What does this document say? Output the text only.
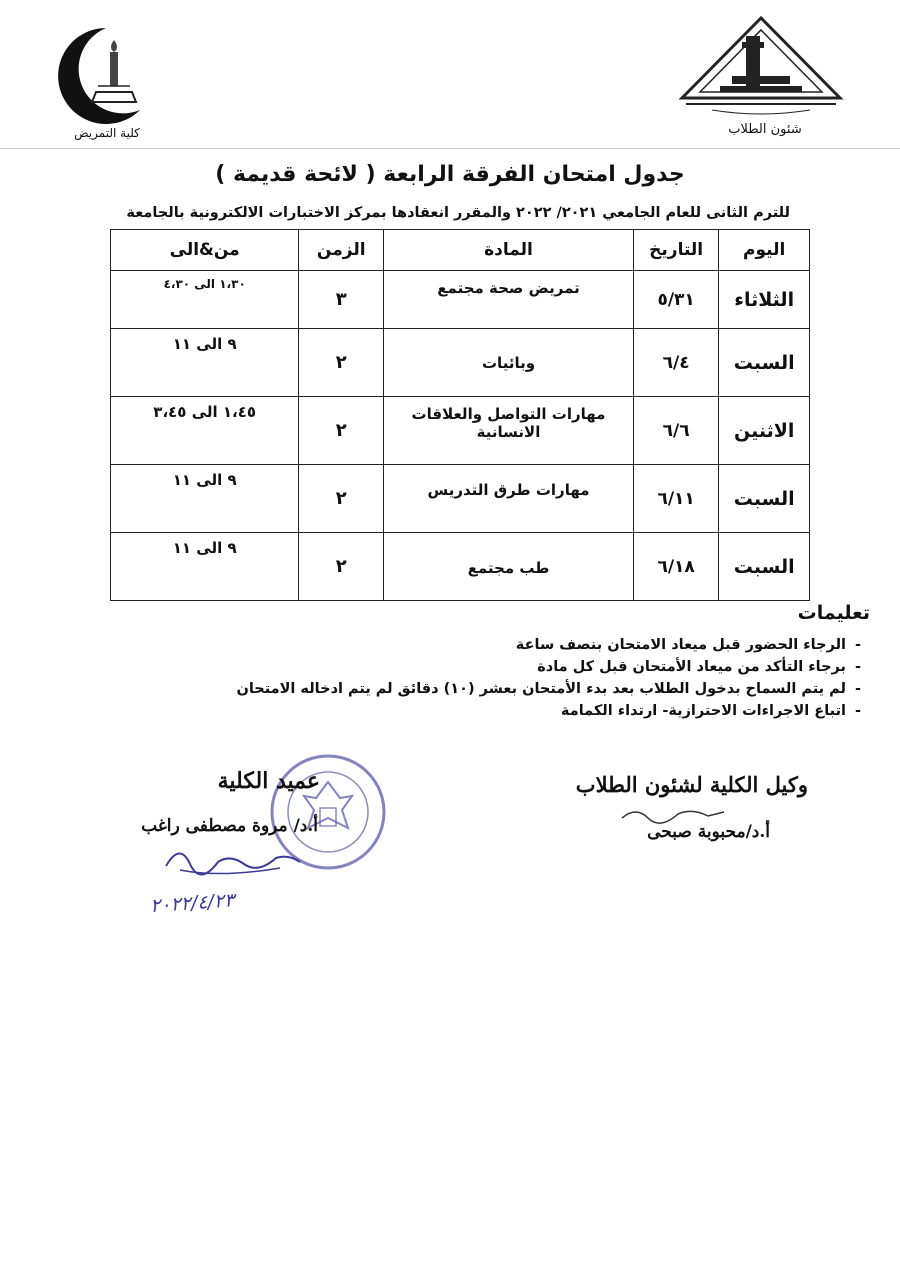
شئون الطلاب
كلية التمريض
جدول امتحان الفرقة الرابعة ( لائحة قديمة )
للترم الثانى للعام الجامعي ٢٠٢١/ ٢٠٢٢ والمقرر انعقادها بمركز الاختبارات الالكترونية بالجامعة
اليوم	التاريخ	المادة	الزمن	من&الى
الثلاثاء	٥/٣١	تمريض صحة مجتمع	٣	١،٣٠ الى ٤،٣٠
السبت	٦/٤	وبائيات	٢	٩ الى ١١
الاثنين	٦/٦	مهارات التواصل والعلاقات الانسانية	٢	١،٤٥ الى ٣،٤٥
السبت	٦/١١	مهارات طرق التدريس	٢	٩ الى ١١
السبت	٦/١٨	طب مجتمع	٢	٩ الى ١١
تعليمات
-الرجاء الحضور قبل ميعاد الامتحان بنصف ساعة
-برجاء التأكد من ميعاد الأمتحان قبل كل مادة
-لم يتم السماح بدخول الطلاب بعد بدء الأمتحان بعشر (١٠) دقائق لم يتم ادخاله الامتحان
-اتباع الاجراءات الاحترازية- ارتداء الكمامة
عميد الكلية
أ.د/ مروة مصطفى راغب
٢٠٢٢/٤/٢٣
وكيل الكلية لشئون الطلاب
أ.د/محبوبة صبحى
